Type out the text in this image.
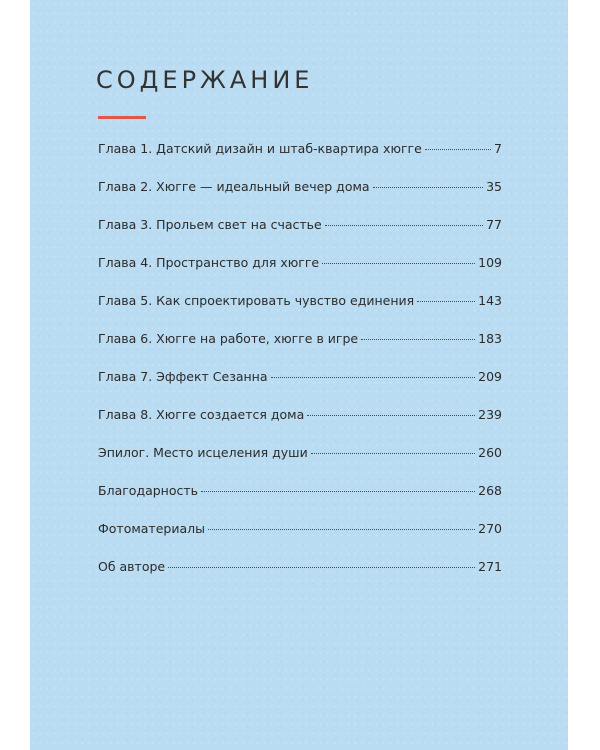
СОДЕРЖАНИЕ
Глава 1. Датский дизайн и штаб-квартира хюгге	7
Глава 2. Хюгге — идеальный вечер дома	35
Глава 3. Прольем свет на счастье	77
Глава 4. Пространство для хюгге	109
Глава 5. Как спроектировать чувство единения	143
Глава 6. Хюгге на работе, хюгге в игре	183
Глава 7. Эффект Сезанна	209
Глава 8. Хюгге создается дома	239
Эпилог. Место исцеления души	260
Благодарность	268
Фотоматериалы	270
Об авторе	271
